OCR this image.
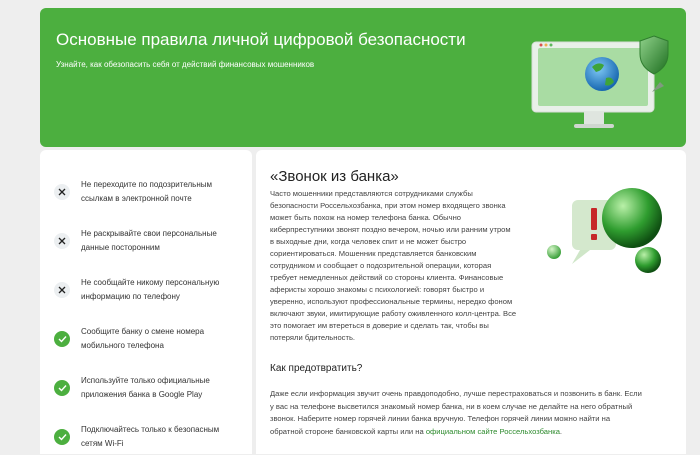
Основные правила личной цифровой безопасности
Узнайте, как обезопасить себя от действий финансовых мошенников
Не переходите по подозрительным
ссылкам в электронной почте
Не раскрывайте свои персональные
данные посторонним
Не сообщайте никому персональную
информацию по телефону
Сообщите банку о смене номера
мобильного телефона
Используйте только официальные
приложения банка в Google Play
Подключайтесь только к безопасным
сетям Wi-Fi
«Звонок из банка»
Часто мошенники представляются сотрудниками службы
безопасности Россельхозбанка, при этом номер входящего звонка
может быть похож на номер телефона банка. Обычно
киберпреступники звонят поздно вечером, ночью или ранним утром
в выходные дни, когда человек спит и не может быстро
сориентироваться. Мошенник представляется банковским
сотрудником и сообщает о подозрительной операции, которая
требует немедленных действий со стороны клиента. Финансовые
аферисты хорошо знакомы с психологией: говорят быстро и
уверенно, используют профессиональные термины, нередко фоном
включают звуки, имитирующие работу оживленного колл-центра. Все
это помогает им втереться в доверие и сделать так, чтобы вы
потеряли бдительность.
Как предотвратить?
Даже если информация звучит очень правдоподобно, лучше перестраховаться и позвонить в банк. Если
у вас на телефоне высветился знакомый номер банка, ни в коем случае не делайте на него обратный
звонок. Наберите номер горячей линии банка вручную. Телефон горячей линии можно найти на
обратной стороне банковской карты или на официальном сайте Россельхозбанка.
